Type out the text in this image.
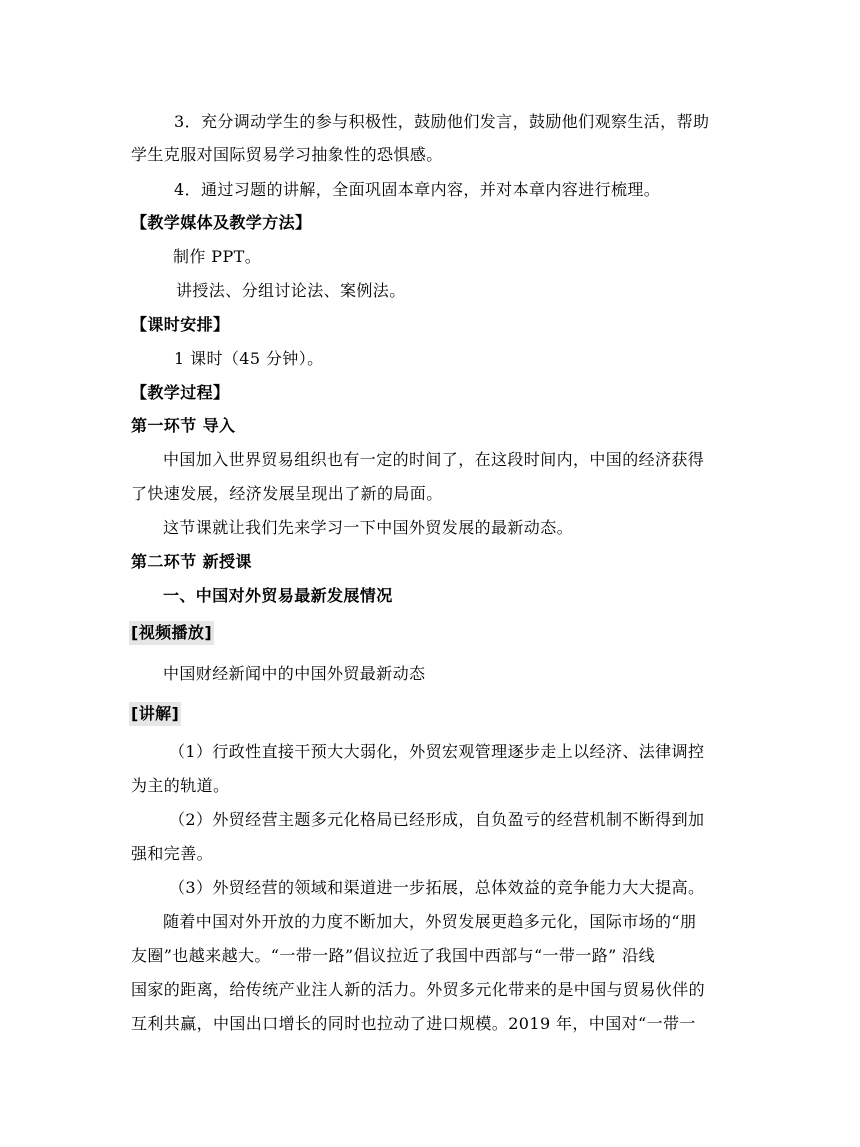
3．充分调动学生的参与积极性，鼓励他们发言，鼓励他们观察生活，帮助
学生克服对国际贸易学习抽象性的恐惧感。
4．通过习题的讲解，全面巩固本章内容，并对本章内容进行梳理。
【教学媒体及教学方法】
制作 PPT。
讲授法、分组讨论法、案例法。
【课时安排】
1 课时（45 分钟）。
【教学过程】
第一环节 导入
中国加入世界贸易组织也有一定的时间了，在这段时间内，中国的经济获得
了快速发展，经济发展呈现出了新的局面。
这节课就让我们先来学习一下中国外贸发展的最新动态。
第二环节 新授课
一、中国对外贸易最新发展情况
[视频播放]
中国财经新闻中的中国外贸最新动态
[讲解]
（1）行政性直接干预大大弱化，外贸宏观管理逐步走上以经济、法律调控
为主的轨道。
（2）外贸经营主题多元化格局已经形成，自负盈亏的经营机制不断得到加
强和完善。
（3）外贸经营的领域和渠道进一步拓展，总体效益的竞争能力大大提高。
随着中国对外开放的力度不断加大，外贸发展更趋多元化，国际市场的“朋
友圈”也越来越大。“一带一路”倡议拉近了我国中西部与“一带一路” 沿线
国家的距离，给传统产业注人新的活力。外贸多元化带来的是中国与贸易伙伴的
互利共赢，中国出口增长的同时也拉动了进口规模。2019 年，中国对“一带一
